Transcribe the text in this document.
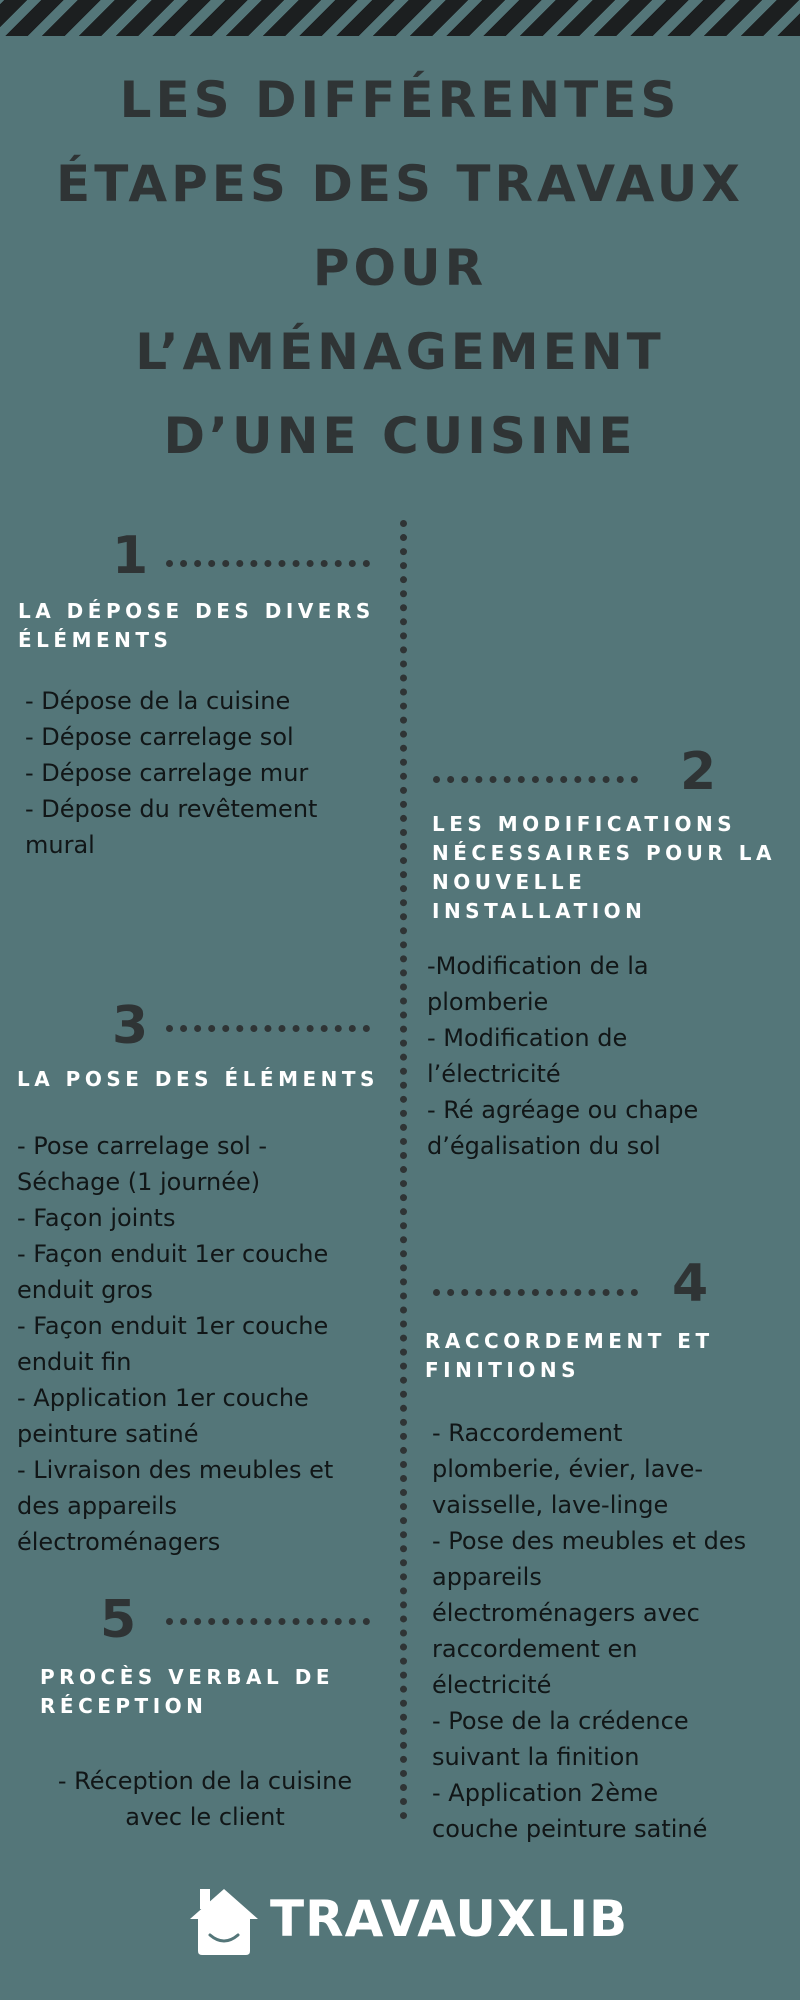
LES DIFFÉRENTES ÉTAPES DES TRAVAUX POUR L’AMÉNAGEMENT D’UNE CUISINE
1
LA DÉPOSE DES DIVERS ÉLÉMENTS
- Dépose de la cuisine
- Dépose carrelage sol
- Dépose carrelage mur
- Dépose du revêtement mural
2
LES MODIFICATIONS NÉCESSAIRES POUR LA NOUVELLE INSTALLATION
-Modification de la plomberie
- Modification de l’électricité
- Ré agréage ou chape d’égalisation du sol
3
LA POSE DES ÉLÉMENTS
- Pose carrelage sol - Séchage (1 journée)
- Façon joints
- Façon enduit 1er couche enduit gros
- Façon enduit 1er couche enduit fin
- Application 1er couche peinture satiné
- Livraison des meubles et des appareils électroménagers
4
RACCORDEMENT ET FINITIONS
- Raccordement plomberie, évier, lave-vaisselle, lave-linge
- Pose des meubles et des appareils électroménagers avec raccordement en électricité
- Pose de la crédence suivant la finition
- Application 2ème couche peinture satiné
5
PROCÈS VERBAL DE RÉCEPTION
- Réception de la cuisine avec le client
TRAVAUXLIB
